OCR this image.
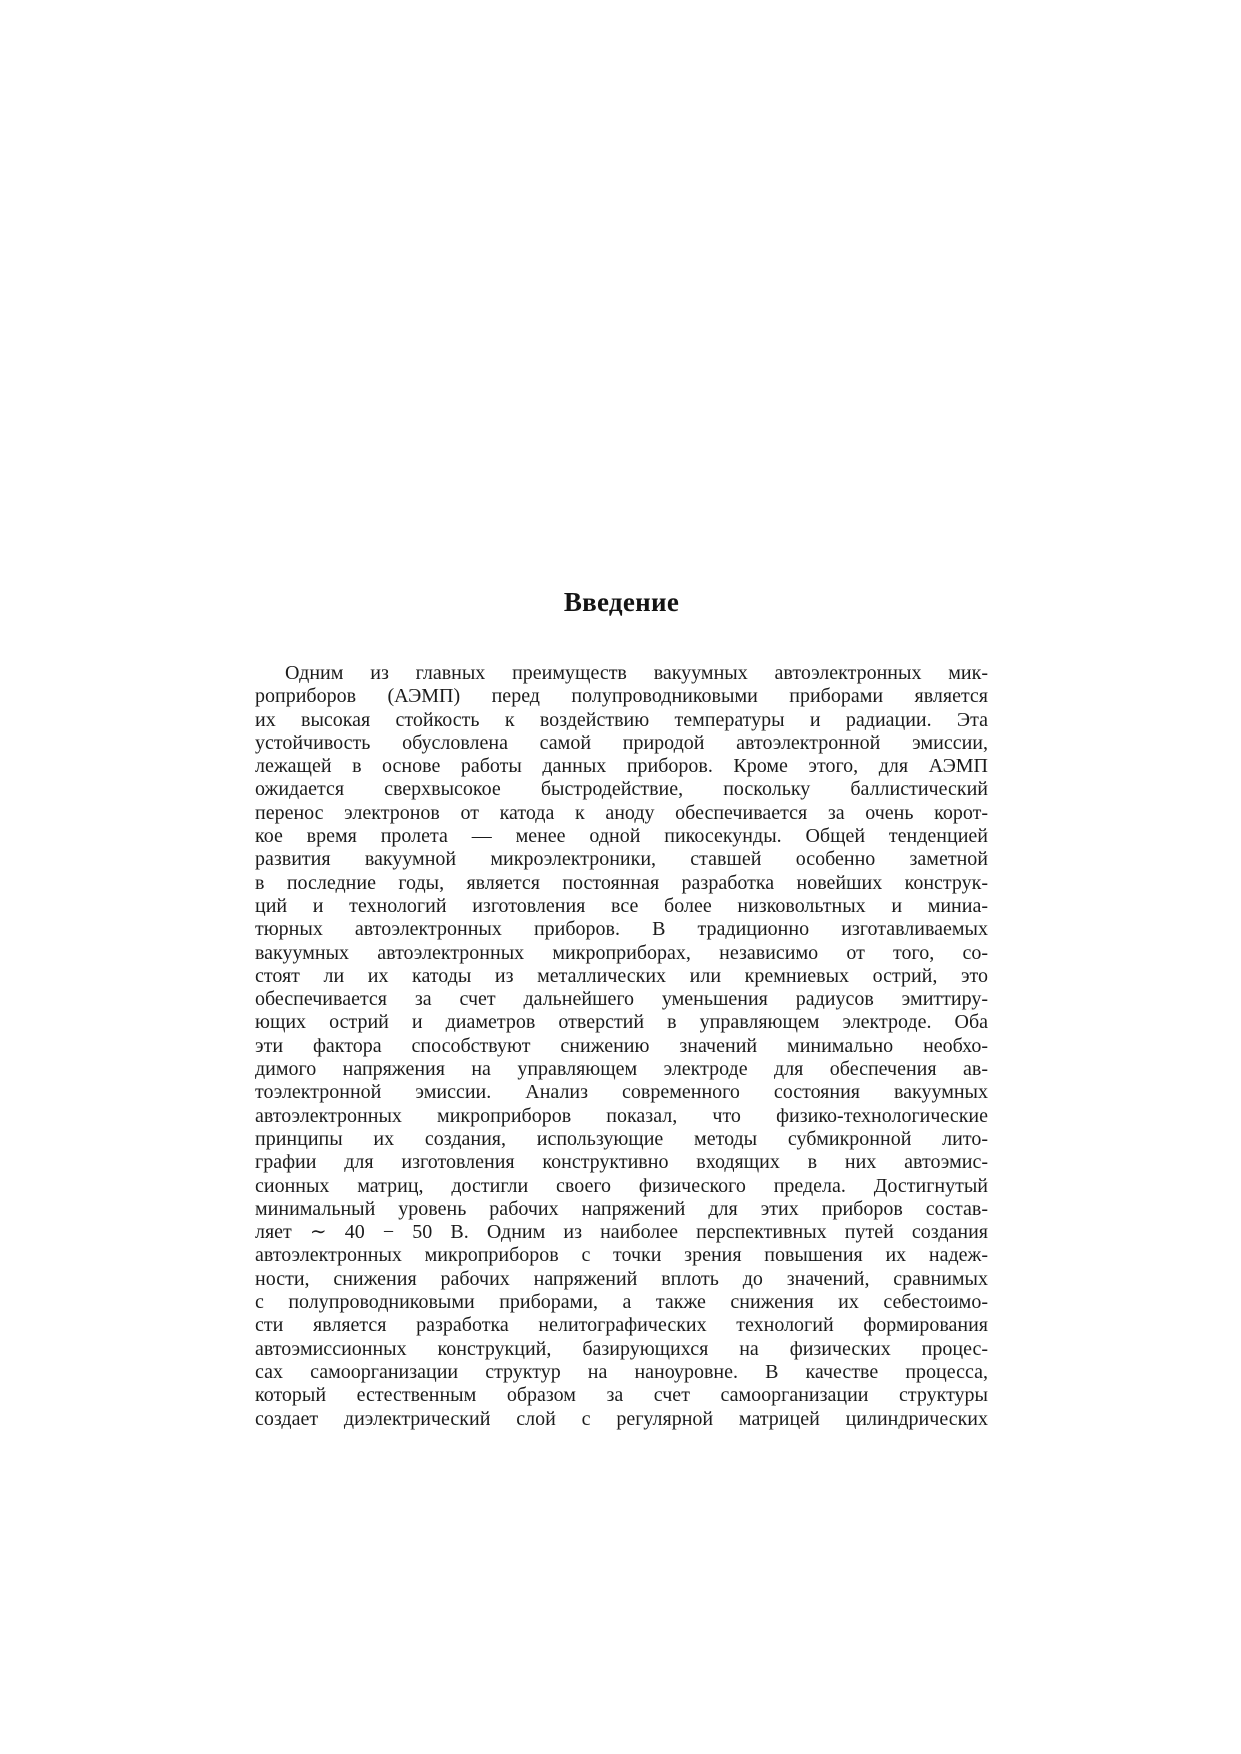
Введение
Одним из главных преимуществ вакуумных автоэлектронных мик-
роприборов (АЭМП) перед полупроводниковыми приборами является
их высокая стойкость к воздействию температуры и радиации. Эта
устойчивость обусловлена самой природой автоэлектронной эмиссии,
лежащей в основе работы данных приборов. Кроме этого, для АЭМП
ожидается сверхвысокое быстродействие, поскольку баллистический
перенос электронов от катода к аноду обеспечивается за очень корот-
кое время пролета — менее одной пикосекунды. Общей тенденцией
развития вакуумной микроэлектроники, ставшей особенно заметной
в последние годы, является постоянная разработка новейших конструк-
ций и технологий изготовления все более низковольтных и миниа-
тюрных автоэлектронных приборов. В традиционно изготавливаемых
вакуумных автоэлектронных микроприборах, независимо от того, со-
стоят ли их катоды из металлических или кремниевых острий, это
обеспечивается за счет дальнейшего уменьшения радиусов эмиттиру-
ющих острий и диаметров отверстий в управляющем электроде. Оба
эти фактора способствуют снижению значений минимально необхо-
димого напряжения на управляющем электроде для обеспечения ав-
тоэлектронной эмиссии. Анализ современного состояния вакуумных
автоэлектронных микроприборов показал, что физико-технологические
принципы их создания, использующие методы субмикронной лито-
графии для изготовления конструктивно входящих в них автоэмис-
сионных матриц, достигли своего физического предела. Достигнутый
минимальный уровень рабочих напряжений для этих приборов состав-
ляет ∼ 40 − 50 В. Одним из наиболее перспективных путей создания
автоэлектронных микроприборов с точки зрения повышения их надеж-
ности, снижения рабочих напряжений вплоть до значений, сравнимых
с полупроводниковыми приборами, а также снижения их себестоимо-
сти является разработка нелитографических технологий формирования
автоэмиссионных конструкций, базирующихся на физических процес-
сах самоорганизации структур на наноуровне. В качестве процесса,
который естественным образом за счет самоорганизации структуры
создает диэлектрический слой с регулярной матрицей цилиндрических
